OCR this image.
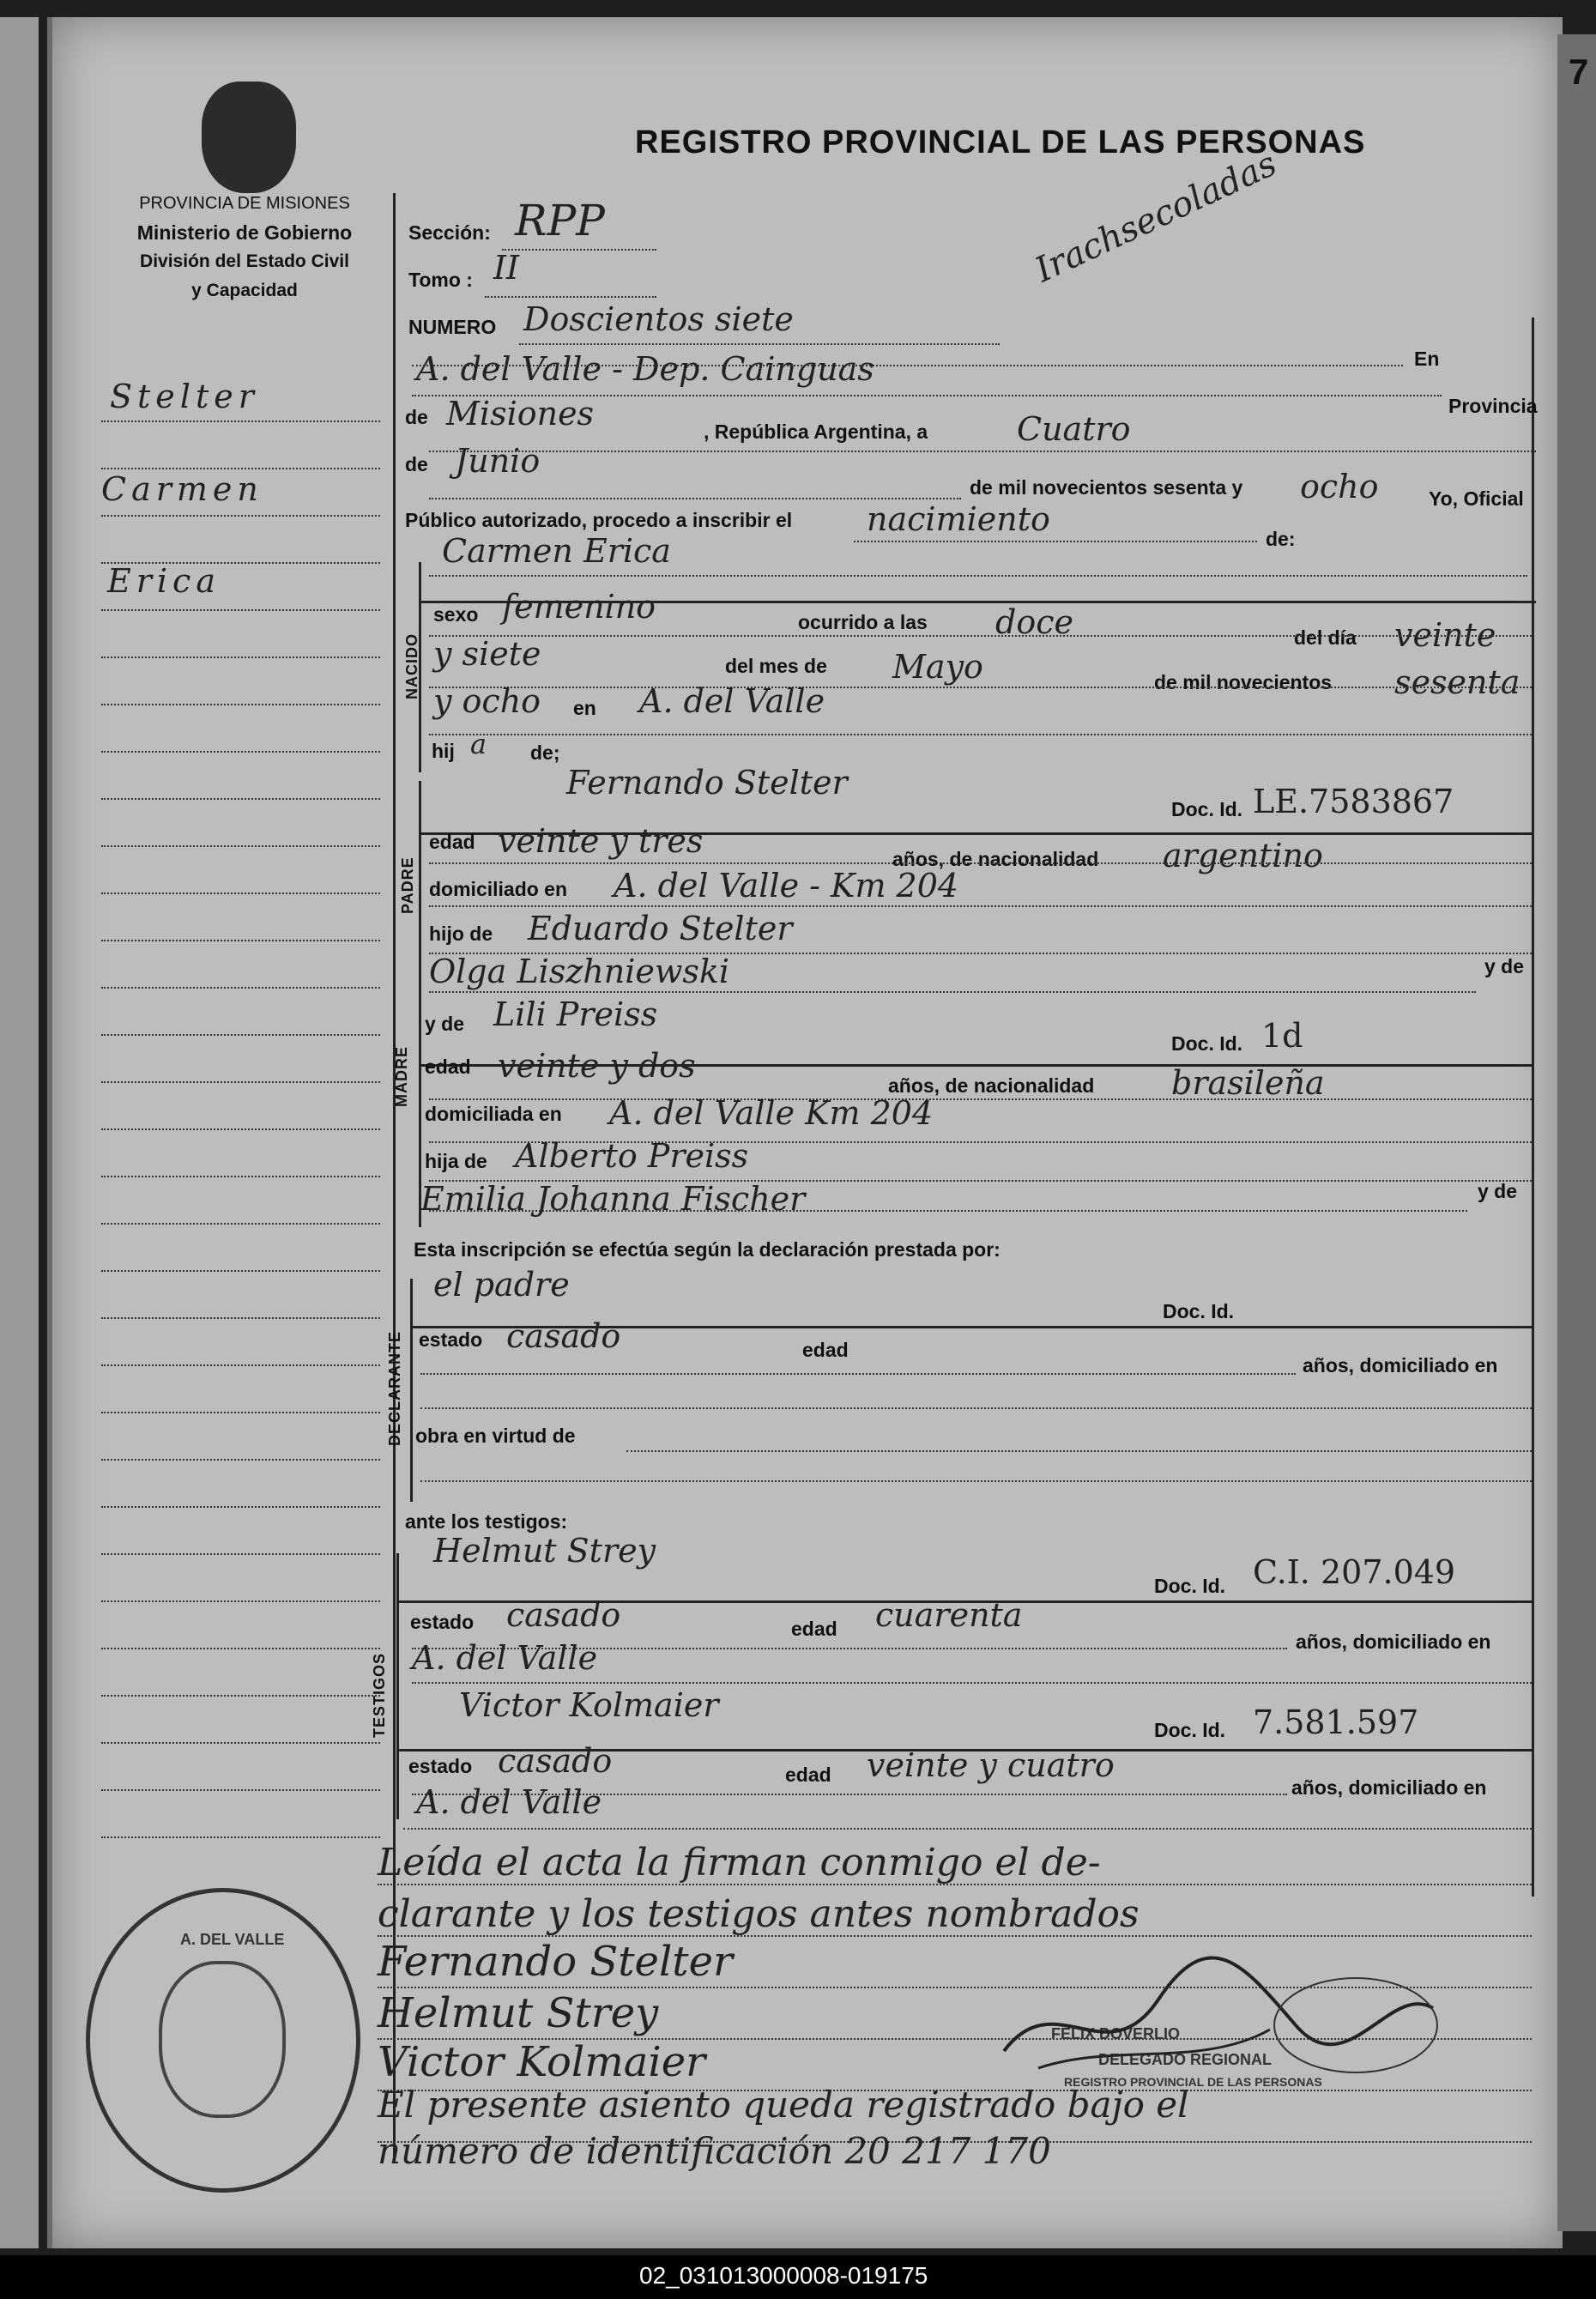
7
PROVINCIA DE MISIONES
Ministerio de Gobierno
División del Estado Civil
y Capacidad
REGISTRO PROVINCIAL DE LAS PERSONAS
Irachsecoladas
Stelter
Carmen
Erica
Sección: RPP
Tomo : II
NUMERO Doscientos siete
A. del Valle - Dep. Cainguas	En
de Misiones	, República Argentina, a	Cuatro
Provincia
de Junio
de mil novecientos sesenta y ocho	Yo, Oficial
Público autorizado, procedo a inscribir el nacimiento
de:
NACIDO
Carmen Erica
sexo femenino	ocurrido a las doce	del día veinte
y siete	del mes de Mayo	de mil novecientos sesenta
y ocho en A. del Valle
hij a de;
PADRE
Fernando Stelter
Doc. Id. LE.7583867
edad veinte y tres	años, de nacionalidad argentino
domiciliado en A. del Valle - Km 204
hijo de Eduardo Stelter
Olga Liszhniewski	y de
y de Lili Preiss
Doc. Id. 1d
MADRE edad veinte y dos
años, de nacionalidad brasileña
domiciliada en A. del Valle Km 204
hija de Alberto Preiss
Emilia Johanna Fischer	y de
Esta inscripción se efectúa según la declaración prestada por:
DECLARANTE
el padre
Doc. Id.
estado casado	edad
años, domiciliado en
obra en virtud de
ante los testigos:
TESTIGOS
Helmut Strey
Doc. Id. C.I. 207.049
estado casado	edad cuarenta
años, domiciliado en
A. del Valle
Victor Kolmaier
Doc. Id. 7.581.597
estado casado	edad veinte y cuatro
años, domiciliado en
A. del Valle
Leída el acta la firman conmigo el de-
clarante y los testigos antes nombrados
Fernando Stelter
Helmut Strey
Victor Kolmaier
El presente asiento queda registrado bajo el
número de identificación 20 217 170
FELIX DOVERLIO
DELEGADO REGIONAL
REGISTRO PROVINCIAL DE LAS PERSONAS
A. DEL VALLE
02_031013000008-019175
